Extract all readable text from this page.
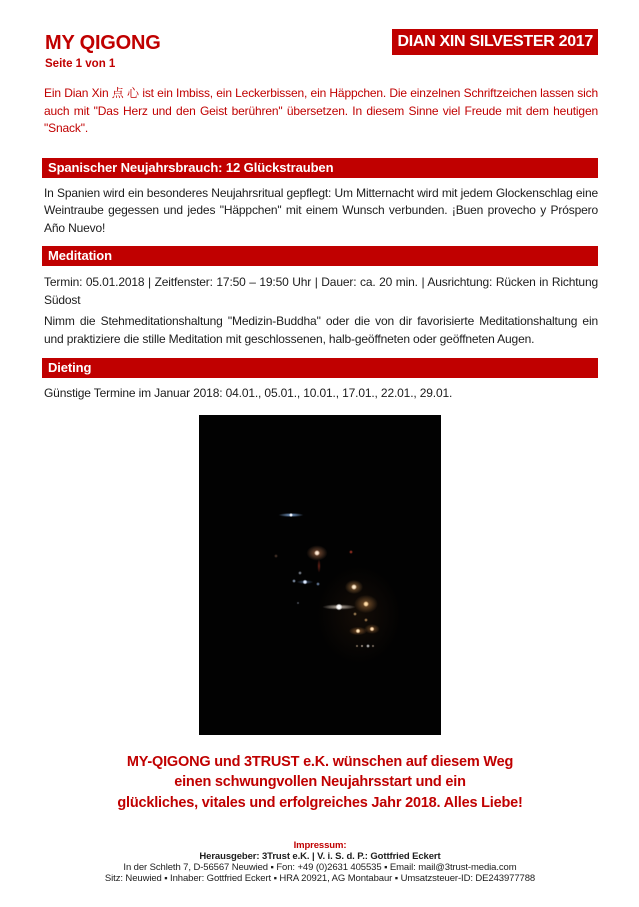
MY QIGONG
Seite 1 von 1
DIAN XIN SILVESTER 2017

Ein Dian Xin 点 心 ist ein Imbiss, ein Leckerbissen, ein Häppchen. Die einzelnen Schriftzeichen lassen sich auch mit "Das Herz und den Geist berühren" übersetzen. In diesem Sinne viel Freude mit dem heutigen "Snack".

Spanischer Neujahrsbrauch: 12 Glückstrauben

In Spanien wird ein besonderes Neujahrsritual gepflegt: Um Mitternacht wird mit jedem Glockenschlag eine Weintraube gegessen und jedes "Häppchen" mit einem Wunsch verbunden. ¡Buen provecho y Próspero Año Nuevo!

Meditation

Termin: 05.01.2018 | Zeitfenster: 17:50 – 19:50 Uhr | Dauer: ca. 20 min. | Ausrichtung: Rücken in Richtung Südost

Nimm die Stehmeditationshaltung "Medizin-Buddha" oder die von dir favorisierte Meditationshaltung ein und praktiziere die stille Meditation mit geschlossenen, halb-geöffneten oder geöffneten Augen.

Dieting

Günstige Termine im Januar 2018: 04.01., 05.01., 10.01., 17.01., 22.01., 29.01.

MY-QIGONG und 3TRUST e.K. wünschen auf diesem Weg
einen schwungvollen Neujahrsstart und ein
glückliches, vitales und erfolgreiches Jahr 2018. Alles Liebe!
Impressum:
Herausgeber: 3Trust e.K. | V. i. S. d. P.: Gottfried Eckert
In der Schleth 7, D-56567 Neuwied ▪ Fon: +49 (0)2631 405535 ▪ Email: mail@3trust-media.com
Sitz: Neuwied ▪ Inhaber: Gottfried Eckert ▪ HRA 20921, AG Montabaur ▪ Umsatzsteuer-ID: DE243977788
